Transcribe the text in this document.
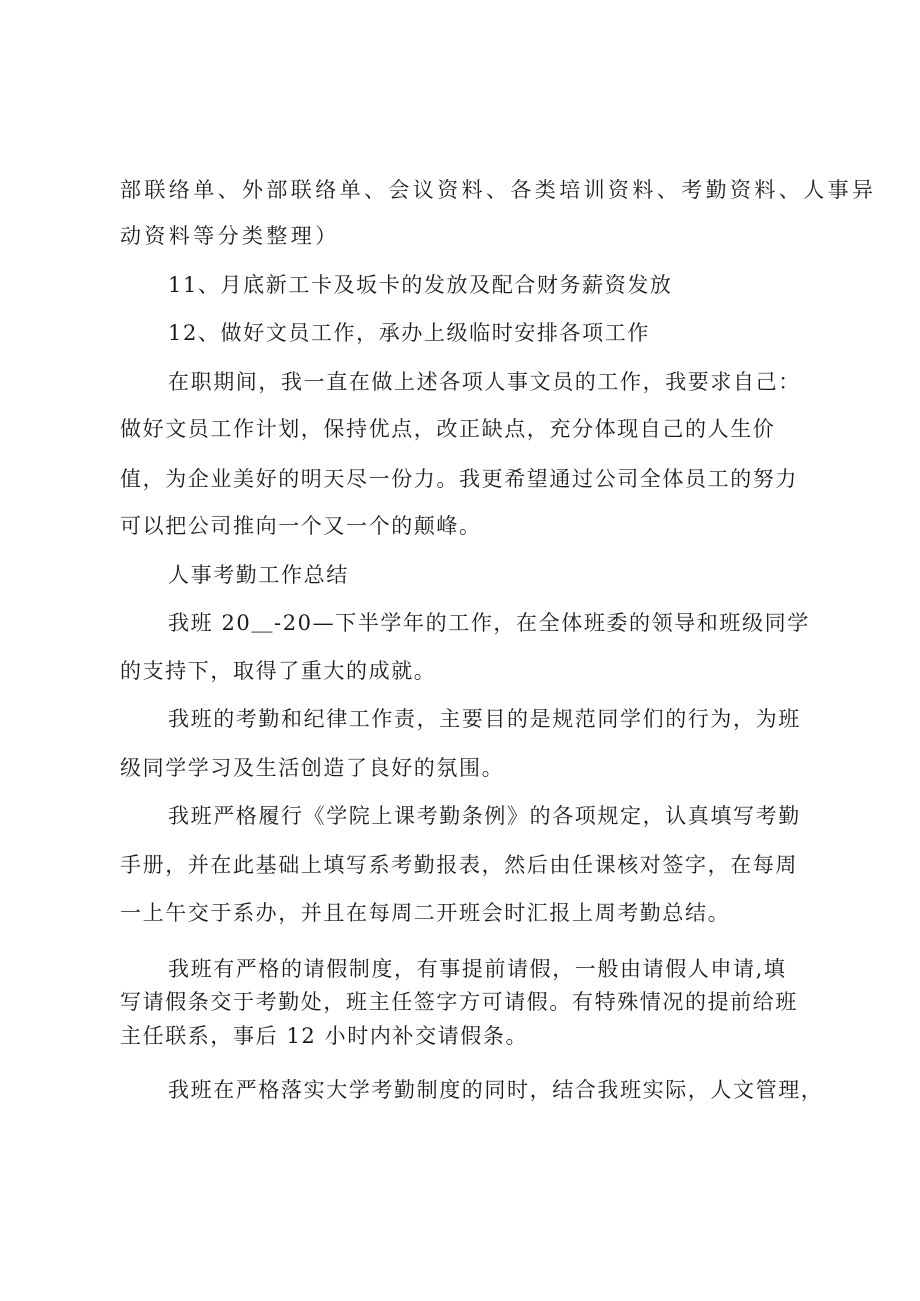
部联络单、外部联络单、会议资料、各类培训资料、考勤资料、人事异

动资料等分类整理）

11、月底新工卡及坂卡的发放及配合财务薪资发放

12、做好文员工作，承办上级临时安排各项工作

在职期间，我一直在做上述各项人事文员的工作，我要求自己：

做好文员工作计划，保持优点，改正缺点，充分体现自己的人生价

值，为企业美好的明天尽一份力。我更希望通过公司全体员工的努力

可以把公司推向一个又一个的颠峰。

人事考勤工作总结

我班 20＿-20—下半学年的工作，在全体班委的领导和班级同学

的支持下，取得了重大的成就。

我班的考勤和纪律工作责，主要目的是规范同学们的行为，为班

级同学学习及生活创造了良好的氛围。

我班严格履行《学院上课考勤条例》的各项规定，认真填写考勤

手册，并在此基础上填写系考勤报表，然后由任课核对签字，在每周

一上午交于系办，并且在每周二开班会时汇报上周考勤总结。

我班有严格的请假制度，有事提前请假，一般由请假人申请,填

写请假条交于考勤处，班主任签字方可请假。有特殊情况的提前给班

主任联系，事后 12 小时内补交请假条。

我班在严格落实大学考勤制度的同时，结合我班实际，人文管理，
